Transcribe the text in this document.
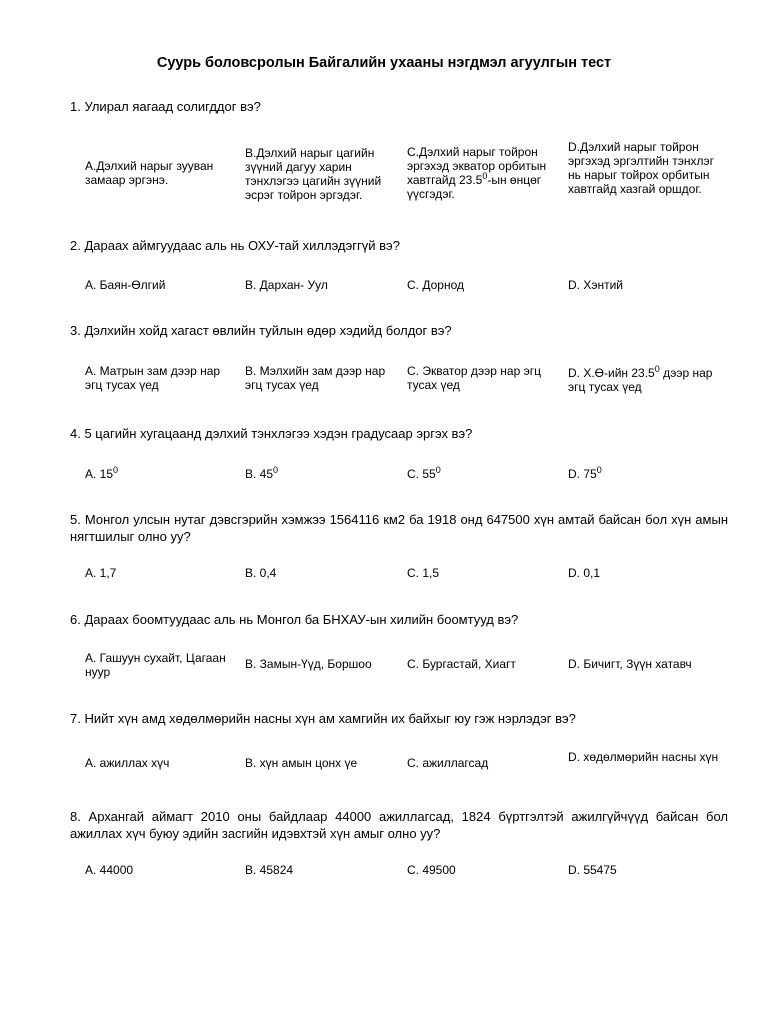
Суурь боловсролын Байгалийн ухааны нэгдмэл агуулгын тест
1. Улирал яагаад солигддог вэ?
А.Дэлхий нарыг зууван замаар эргэнэ.
B.Дэлхий нарыг цагийн зүүний дагуу харин тэнхлэгээ цагийн зүүний эсрэг тойрон эргэдэг.
C.Дэлхий нарыг тойрон эргэхэд экватор орбитын хавтгайд 23.5$^0$-ын өнцөг үүсгэдэг.
D.Дэлхий нарыг тойрон эргэхэд эргэлтийн тэнхлэг нь нарыг тойрох орбитын хавтгайд хазгай оршдог.
2. Дараах аймгуудаас аль нь ОХУ-тай хиллэдэггүй вэ?
А. Баян-Өлгий	В. Дархан- Уул	С. Дорнод	D. Хэнтий
3. Дэлхийн хойд хагаст өвлийн туйлын өдөр хэдийд болдог вэ?
А. Матрын зам дээр нар эгц тусах үед
В. Мэлхийн зам дээр нар эгц тусах үед
С. Экватор дээр нар эгц тусах үед
D. Х.Ө-ийн 23.5$^0$ дээр нар эгц тусах үед
4. 5 цагийн хугацаанд дэлхий тэнхлэгээ хэдэн градусаар эргэх вэ?
А. $15^0$	В. $45^0$	С. $55^0$	D. $75^0$
5. Монгол улсын нутаг дэвсгэрийн хэмжээ 1564116 км2 ба 1918 онд 647500 хүн амтай байсан бол хүн амын нягтшилыг олно уу?
А. 1,7	В. 0,4	С. 1,5	D. 0,1
6. Дараах боомтуудаас аль нь Монгол ба БНХАУ-ын хилийн боомтууд вэ?
А. Гашуун сухайт, Цагаан нуур
В. Замын-Үүд, Боршоо	С. Бургастай, Хиагт	D. Бичигт, Зүүн хатавч
7. Нийт хүн амд хөдөлмөрийн насны хүн ам хамгийн их байхыг юу гэж нэрлэдэг вэ?
А. ажиллах хүч	В. хүн амын цонх үе	С. ажиллагсад	D. хөдөлмөрийн насны хүн
8. Архангай аймагт 2010 оны байдлаар 44000 ажиллагсад, 1824 бүртгэлтэй ажилгүйчүүд байсан бол ажиллах хүч буюу эдийн засгийн идэвхтэй хүн амыг олно уу?
А. 44000	В. 45824	С. 49500	D. 55475
